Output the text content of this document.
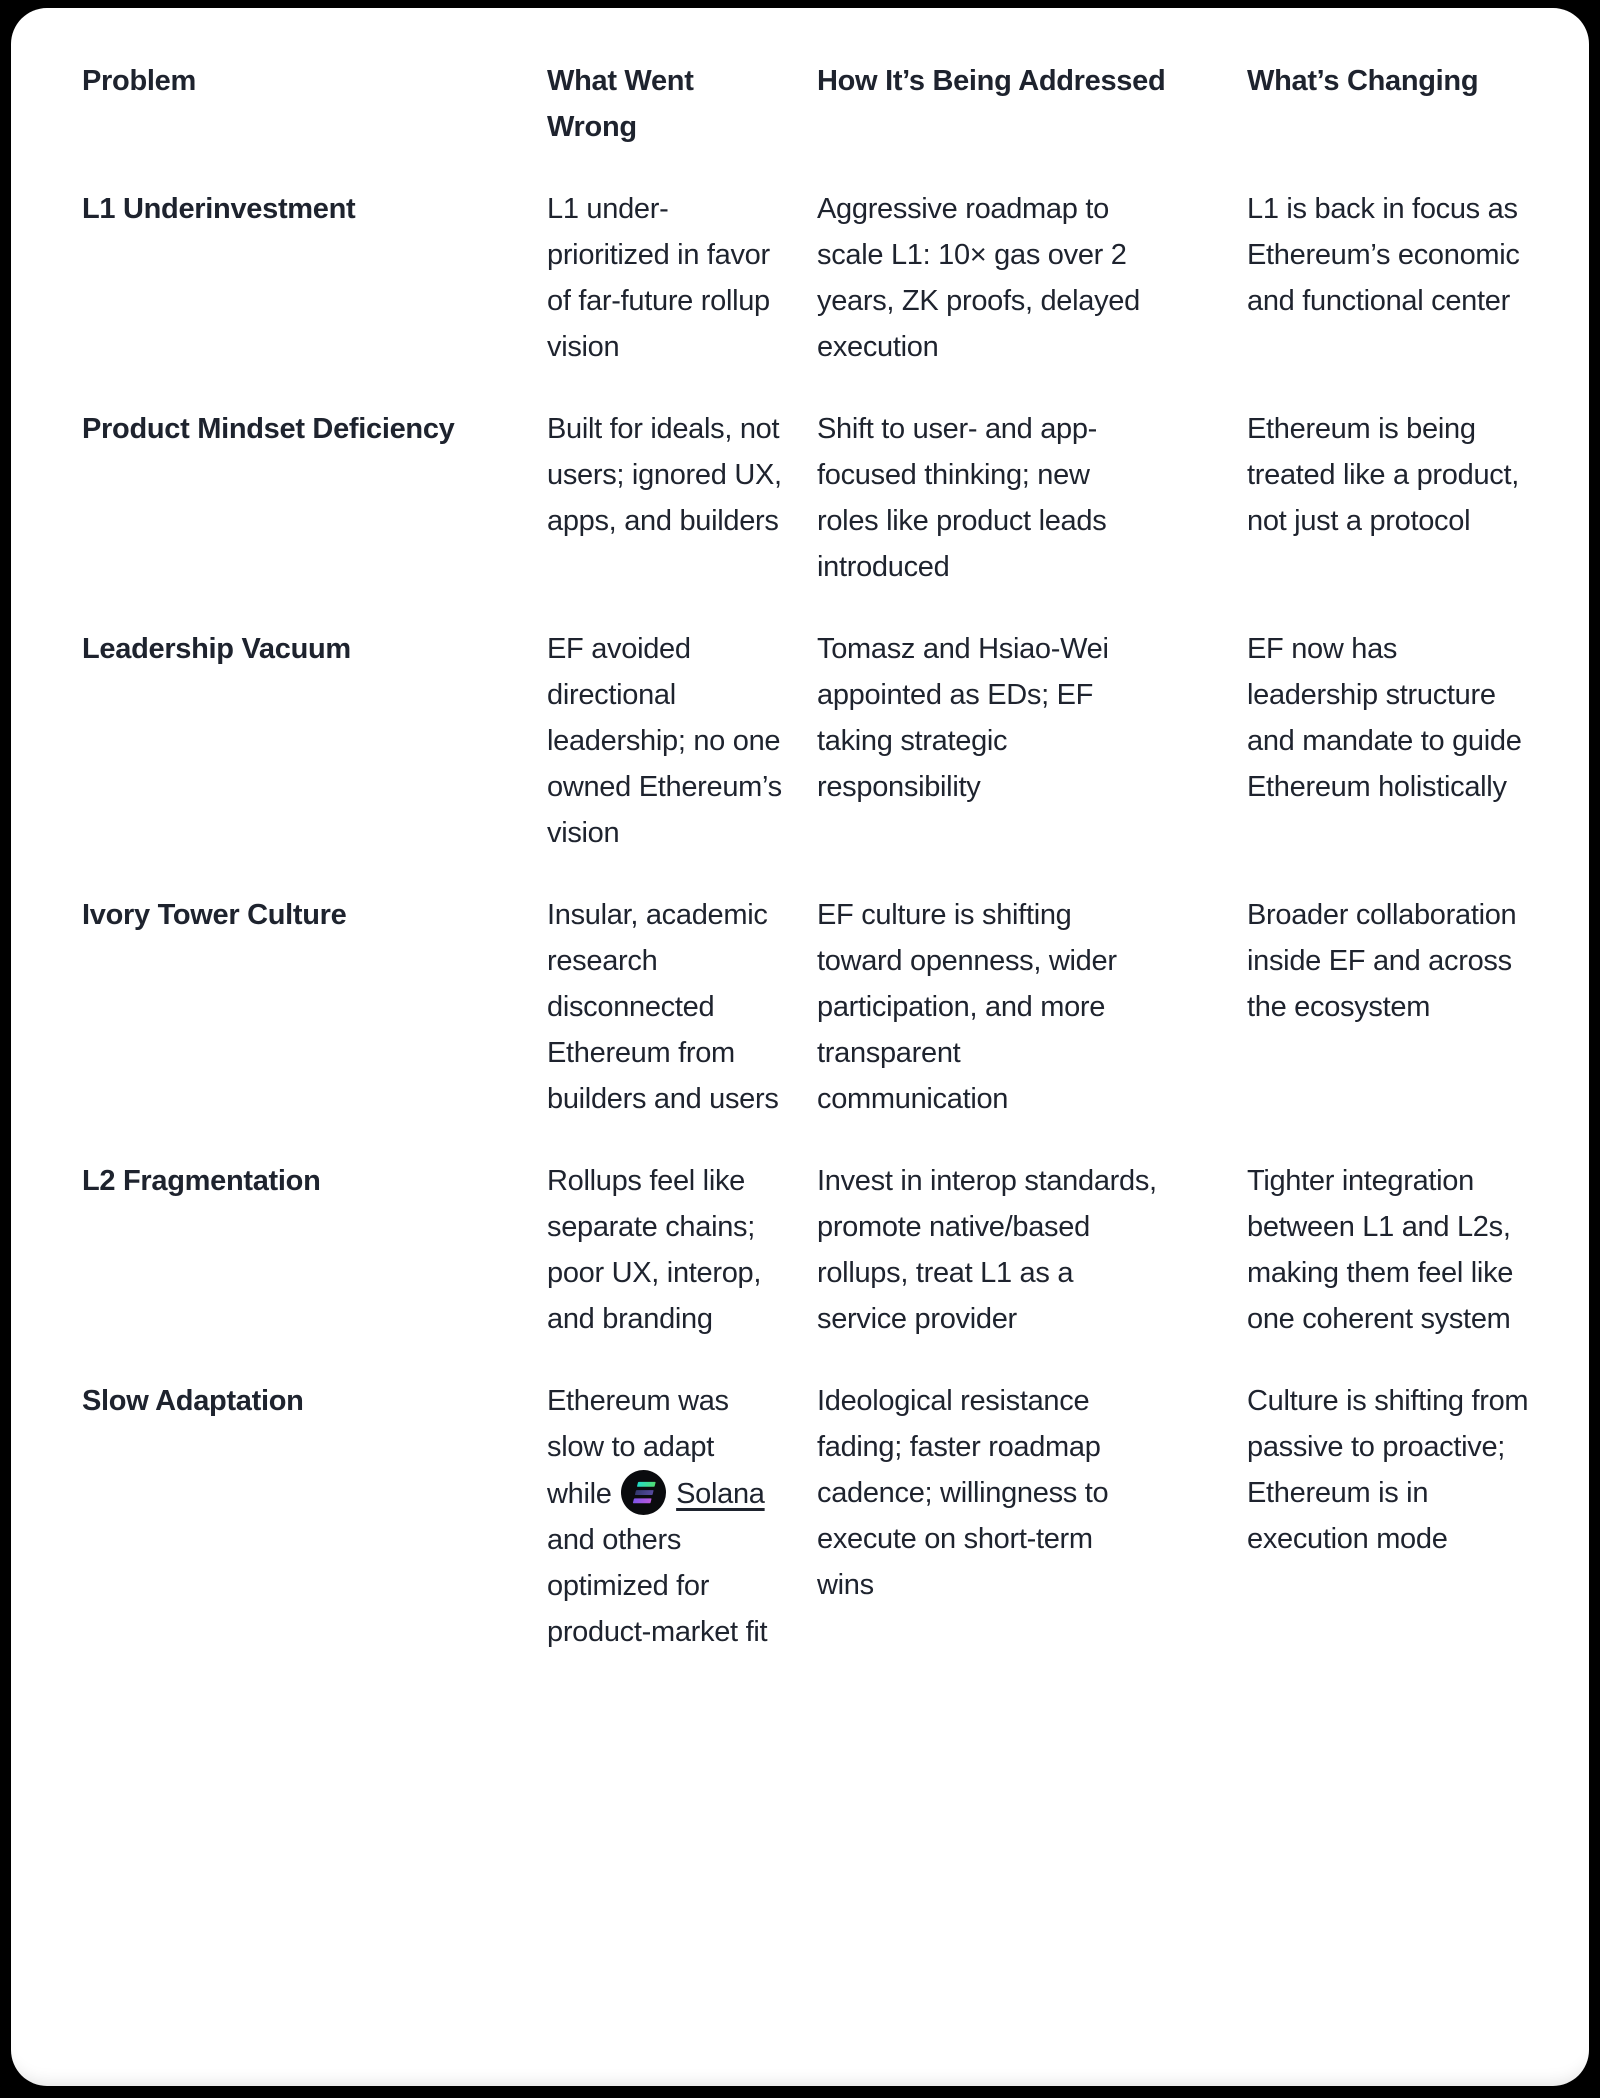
Problem	What Went Wrong	How It’s Being Addressed	What’s Changing
L1 Underinvestment	L1 under-prioritized in favor of far-future rollup vision	Aggressive roadmap to scale L1: 10× gas over 2 years, ZK proofs, delayed execution	L1 is back in focus as Ethereum’s economic and functional center
Product Mindset Deficiency	Built for ideals, not users; ignored UX, apps, and builders	Shift to user- and app-focused thinking; new roles like product leads introduced	Ethereum is being treated like a product, not just a protocol
Leadership Vacuum	EF avoided directional leadership; no one owned Ethereum’s vision	Tomasz and Hsiao-Wei appointed as EDs; EF taking strategic responsibility	EF now has leadership structure and mandate to guide Ethereum holistically
Ivory Tower Culture	Insular, academic research disconnected Ethereum from builders and users	EF culture is shifting toward openness, wider participation, and more transparent communication	Broader collaboration inside EF and across the ecosystem
L2 Fragmentation	Rollups feel like separate chains; poor UX, interop, and branding	Invest in interop standards, promote native/based rollups, treat L1 as a service provider	Tighter integration between L1 and L2s, making them feel like one coherent system
Slow Adaptation	Ethereum was slow to adapt while Solana and others optimized for product-market fit	Ideological resistance fading; faster roadmap cadence; willingness to execute on short-term wins	Culture is shifting from passive to proactive; Ethereum is in execution mode
